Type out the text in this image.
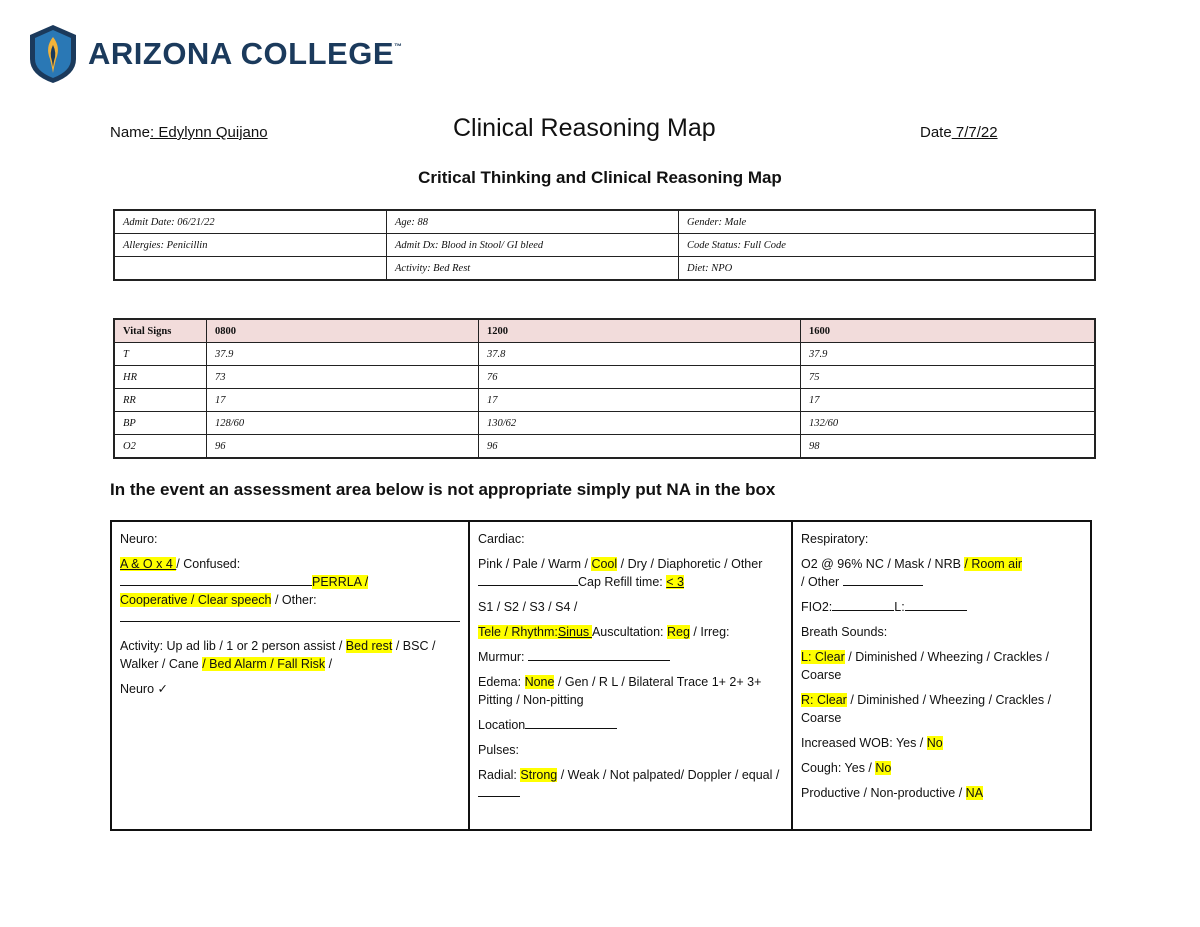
ARIZONA COLLEGE™
Name: Edylynn Quijano	Clinical Reasoning Map	Date 7/7/22
Critical Thinking and Clinical Reasoning Map
Admit Date: 06/21/22	Age: 88	Gender: Male
Allergies: Penicillin	Admit Dx: Blood in Stool/ GI bleed	Code Status: Full Code
	Activity: Bed Rest	Diet: NPO
Vital Signs	0800	1200	1600
T	37.9	37.8	37.9
HR	73	76	75
RR	17	17	17
BP	128/60	130/62	132/60
O2	96	96	98
In the event an assessment area below is not appropriate simply put NA in the box

Neuro:

A & O x 4 / Confused:
PERRLA /
Cooperative / Clear speech / Other:

Activity: Up ad lib / 1 or 2 person assist / Bed rest / BSC / Walker / Cane / Bed Alarm / Fall Risk /

Neuro ✓

Cardiac:

Pink / Pale / Warm / Cool / Dry / Diaphoretic / OtherCap Refill time: < 3

S1 / S2 / S3 / S4 /

Tele / Rhythm:Sinus Auscultation: Reg / Irreg:

Murmur:

Edema: None / Gen / R L / Bilateral Trace 1+ 2+ 3+ Pitting / Non-pitting

Location

Pulses:

Radial: Strong / Weak / Not palpated/ Doppler / equal /

Respiratory:

O2 @ 96% NC / Mask / NRB / Room air
/ Other

FIO2:	L:

Breath Sounds:

L: Clear / Diminished / Wheezing / Crackles / Coarse

R: Clear / Diminished / Wheezing / Crackles / Coarse

Increased WOB: Yes / No

Cough: Yes / No

Productive / Non-productive / NA
